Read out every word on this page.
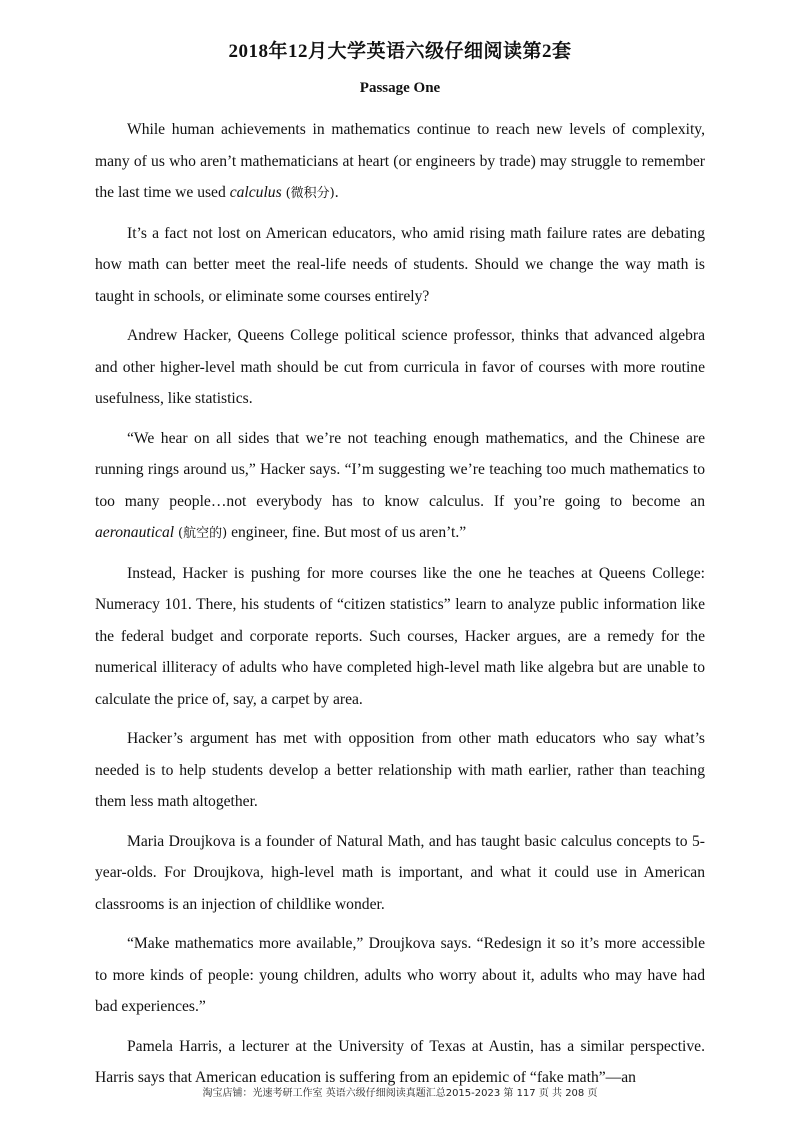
2018年12月大学英语六级仔细阅读第2套
Passage One

While human achievements in mathematics continue to reach new levels of complexity, many of us who aren’t mathematicians at heart (or engineers by trade) may struggle to remember the last time we used calculus (微积分).

It’s a fact not lost on American educators, who amid rising math failure rates are debating how math can better meet the real-life needs of students. Should we change the way math is taught in schools, or eliminate some courses entirely?

Andrew Hacker, Queens College political science professor, thinks that advanced algebra and other higher-level math should be cut from curricula in favor of courses with more routine usefulness, like statistics.

“We hear on all sides that we’re not teaching enough mathematics, and the Chinese are running rings around us,” Hacker says. “I’m suggesting we’re teaching too much mathematics to too many people…not everybody has to know calculus. If you’re going to become an aeronautical (航空的) engineer, fine. But most of us aren’t.”

Instead, Hacker is pushing for more courses like the one he teaches at Queens College: Numeracy 101. There, his students of “citizen statistics” learn to analyze public information like the federal budget and corporate reports. Such courses, Hacker argues, are a remedy for the numerical illiteracy of adults who have completed high-level math like algebra but are unable to calculate the price of, say, a carpet by area.

Hacker’s argument has met with opposition from other math educators who say what’s needed is to help students develop a better relationship with math earlier, rather than teaching them less math altogether.

Maria Droujkova is a founder of Natural Math, and has taught basic calculus concepts to 5-year-olds. For Droujkova, high-level math is important, and what it could use in American classrooms is an injection of childlike wonder.

“Make mathematics more available,” Droujkova says. “Redesign it so it’s more accessible to more kinds of people: young children, adults who worry about it, adults who may have had bad experiences.”

Pamela Harris, a lecturer at the University of Texas at Austin, has a similar perspective. Harris says that American education is suffering from an epidemic of “fake math”—an

淘宝店铺：光速考研工作室 英语六级仔细阅读真题汇总2015-2023 第 117 页 共 208 页
